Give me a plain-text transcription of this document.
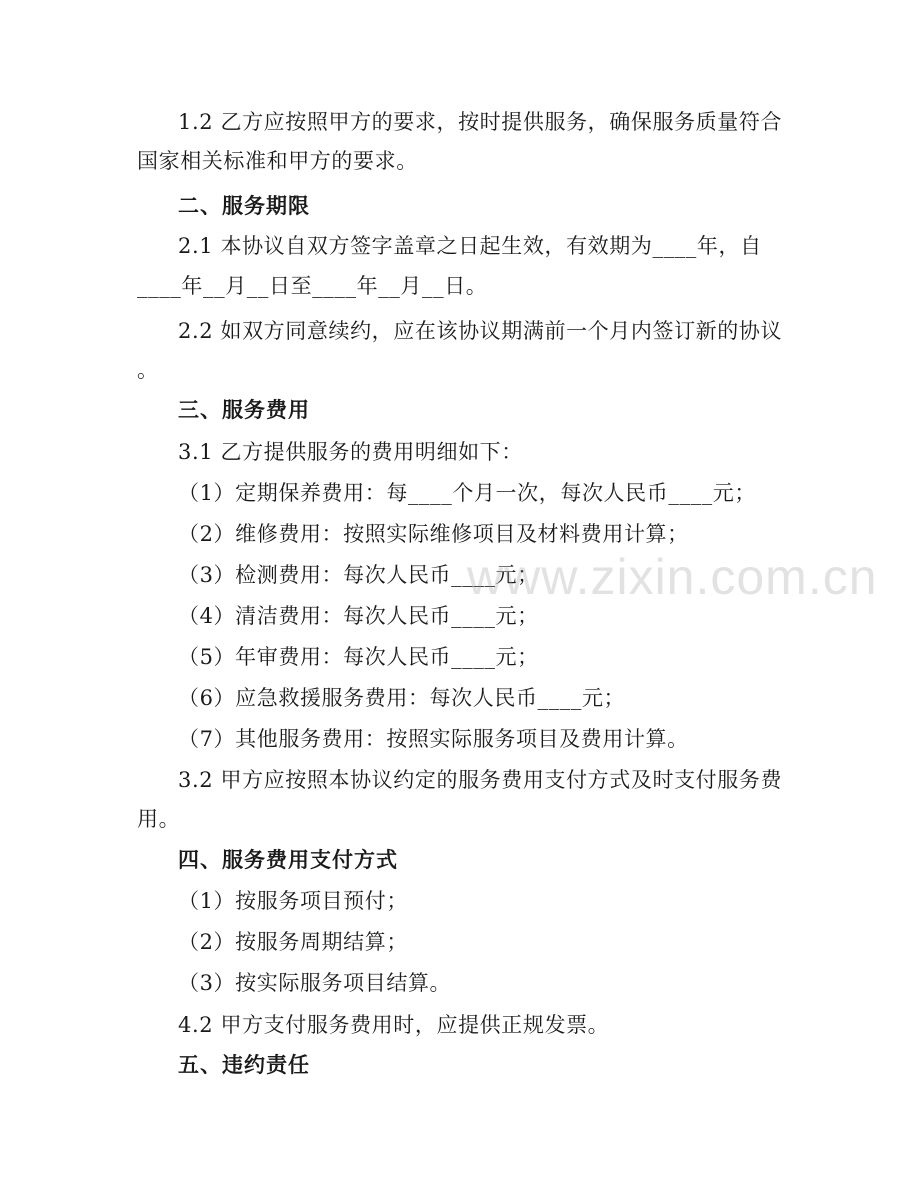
1.2 乙方应按照甲方的要求，按时提供服务，确保服务质量符合
国家相关标准和甲方的要求。
二、服务期限
2.1 本协议自双方签字盖章之日起生效，有效期为____年，自
____年__月__日至____年__月__日。
2.2 如双方同意续约，应在该协议期满前一个月内签订新的协议
。
三、服务费用
3.1 乙方提供服务的费用明细如下：
（1）定期保养费用：每____个月一次，每次人民币____元；
（2）维修费用：按照实际维修项目及材料费用计算；
（3）检测费用：每次人民币____元；
（4）清洁费用：每次人民币____元；
（5）年审费用：每次人民币____元；
（6）应急救援服务费用：每次人民币____元；
（7）其他服务费用：按照实际服务项目及费用计算。
3.2 甲方应按照本协议约定的服务费用支付方式及时支付服务费
用。
四、服务费用支付方式
（1）按服务项目预付；
（2）按服务周期结算；
（3）按实际服务项目结算。
4.2 甲方支付服务费用时，应提供正规发票。
五、违约责任
www.zixin.com.cn
